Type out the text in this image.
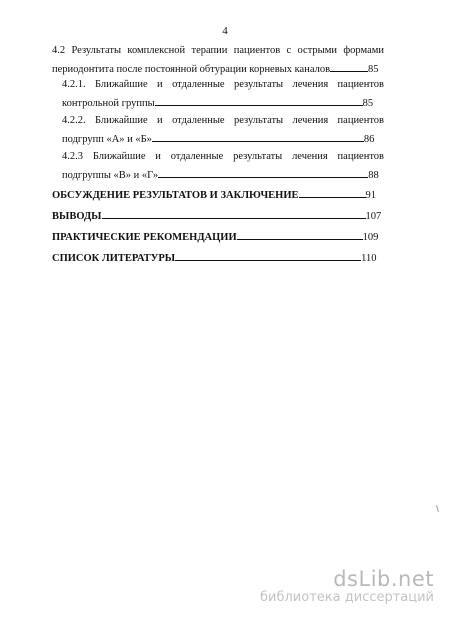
4
4.2 Результаты комплексной терапии пациентов с острыми формами
периодонтита после постоянной обтурации корневых каналов	85
4.2.1. Ближайшие и отдаленные результаты лечения пациентов
контрольной группы	85
4.2.2. Ближайшие и отдаленные результаты лечения пациентов
подгрупп «А» и «Б»	86
4.2.3 Ближайшие и отдаленные результаты лечения пациентов
подгруппы «В» и «Г»	88
ОБСУЖДЕНИЕ РЕЗУЛЬТАТОВ И ЗАКЛЮЧЕНИЕ	91
ВЫВОДЫ	107
ПРАКТИЧЕСКИЕ РЕКОМЕНДАЦИИ	109
СПИСОК ЛИТЕРАТУРЫ	110
dsLib.net
библиотека диссертаций
